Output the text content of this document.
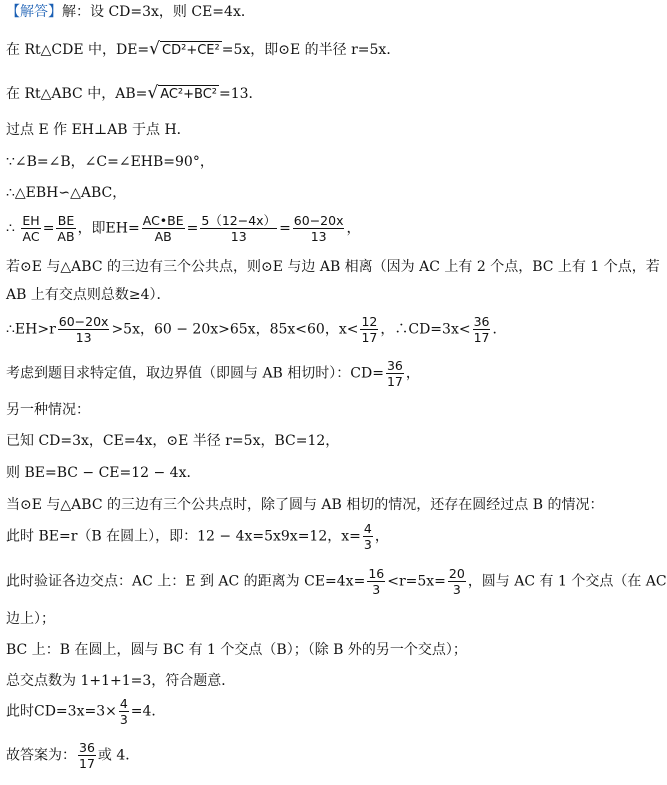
【解答】解：设 CD=3x，则 CE=4x．
在 Rt△CDE 中，DE=√ CD²+CE² =5x，即⊙E 的半径 r=5x．
在 Rt△ABC 中，AB=√ AC²+BC² =13．
过点 E 作 EH⊥AB 于点 H．
∵∠B=∠B，∠C=∠EHB=90°，
∴△EBH∽△ABC，
∴ $\frac{EH}{AC} = \frac{BE}{AB}$ ，即$EH= \frac{AC•BE}{AB} = \frac{5(12-4x)}{13} = \frac{60-20x}{13}$ ，
若⊙E 与△ABC 的三边有三个公共点，则⊙E 与边 AB 相离（因为 AC 上有 2 个点，BC 上有 1 个点，若
AB 上有交点则总数≥4）．
∴EH>r $\frac{60-20x}{13} >5x$，60 − 20x>65x，85x<60，$x< \frac{12}{17}$ ，∴CD=3x< $\frac{36}{17}$ ．
考虑到题目求特定值，取边界值（即圆与 AB 相切时）：$CD= \frac{36}{17}$ ，
另一种情况：
已知 CD=3x，CE=4x，⊙E 半径 r=5x，BC=12，
则 BE=BC − CE=12 − 4x．
当⊙E 与△ABC 的三边有三个公共点时，除了圆与 AB 相切的情况，还存在圆经过点 B 的情况：
此时 BE=r（B 在圆上），即：12 − 4x=5x9x=12，$x= \frac{4}{3}$ ，
此时验证各边交点：AC 上：E 到 AC 的距离为 $CE=4x= \frac{16}{3} <r=5x= \frac{20}{3}$ ，圆与 AC 有 1 个交点（在 AC
边上）；
BC 上：B 在圆上，圆与 BC 有 1 个交点（B）；（除 B 外的另一个交点）；
总交点数为 1+1+1=3，符合题意．
此时$CD=3x=3\times \frac{4}{3} =4$．
故答案为： $\frac{36}{17}$ 或 4．
